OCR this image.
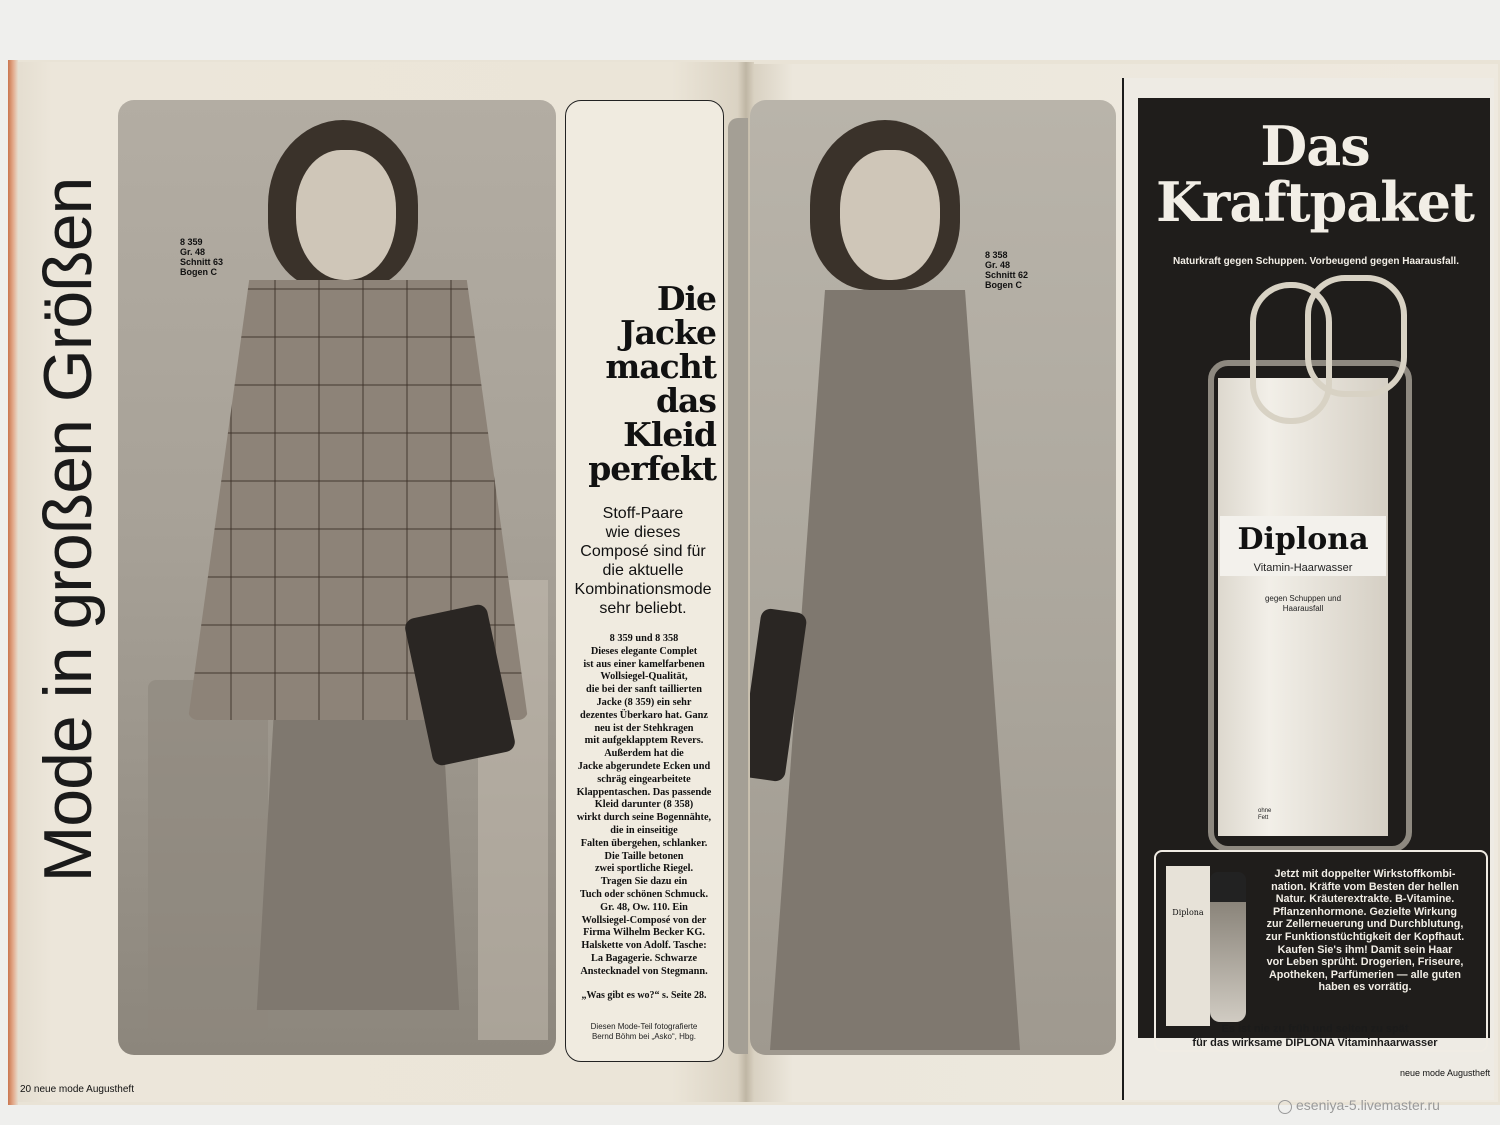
Mode in großen Größen	8 359
Gr. 48
Schnitt 63
Bogen C
Die
Jacke
macht
das
Kleid
perfekt
Stoff-Paare
wie dieses
Composé sind für
die aktuelle
Kombinationsmode
sehr beliebt.
8 359 und 8 358
Dieses elegante Complet
ist aus einer kamelfarbenen
Wollsiegel-Qualität,
die bei der sanft taillierten
Jacke (8 359) ein sehr
dezentes Überkaro hat. Ganz
neu ist der Stehkragen
mit aufgeklapptem Revers.
Außerdem hat die
Jacke abgerundete Ecken und
schräg eingearbeitete
Klappentaschen. Das passende
Kleid darunter (8 358)
wirkt durch seine Bogennähte,
die in einseitige
Falten übergehen, schlanker.
Die Taille betonen
zwei sportliche Riegel.
Tragen Sie dazu ein
Tuch oder schönen Schmuck.
Gr. 48, Ow. 110. Ein
Wollsiegel-Composé von der
Firma Wilhelm Becker KG.
Halskette von Adolf. Tasche:
La Bagagerie. Schwarze
Anstecknadel von Stegmann.
„Was gibt es wo?“ s. Seite 28.
Diesen Mode-Teil fotografierte
Bernd Böhm bei „Asko“, Hbg.
20 neue mode Augustheft
8 358
Gr. 48
Schnitt 62
Bogen C
Das
Kraftpaket
Naturkraft gegen Schuppen. Vorbeugend gegen Haarausfall.
Diplona
Vitamin-Haarwasser
gegen Schuppen und
Haarausfall
ohne
Fett
Diplona
Jetzt mit doppelter Wirkstoffkombi-
nation. Kräfte vom Besten der hellen
Natur. Kräuterextrakte. B-Vitamine.
Pflanzenhormone. Gezielte Wirkung
zur Zellerneuerung und Durchblutung,
zur Funktionstüchtigkeit der Kopfhaut.
Kaufen Sie's ihm! Damit sein Haar
vor Leben sprüht. Drogerien, Friseure,
Apotheken, Parfümerien — alle guten
haben es vorrätig.
Es ist nie zu früh und selten zu spät
für das wirksame DIPLONA Vitaminhaarwasser
neue mode Augustheft
eseniya-5.livemaster.ru
